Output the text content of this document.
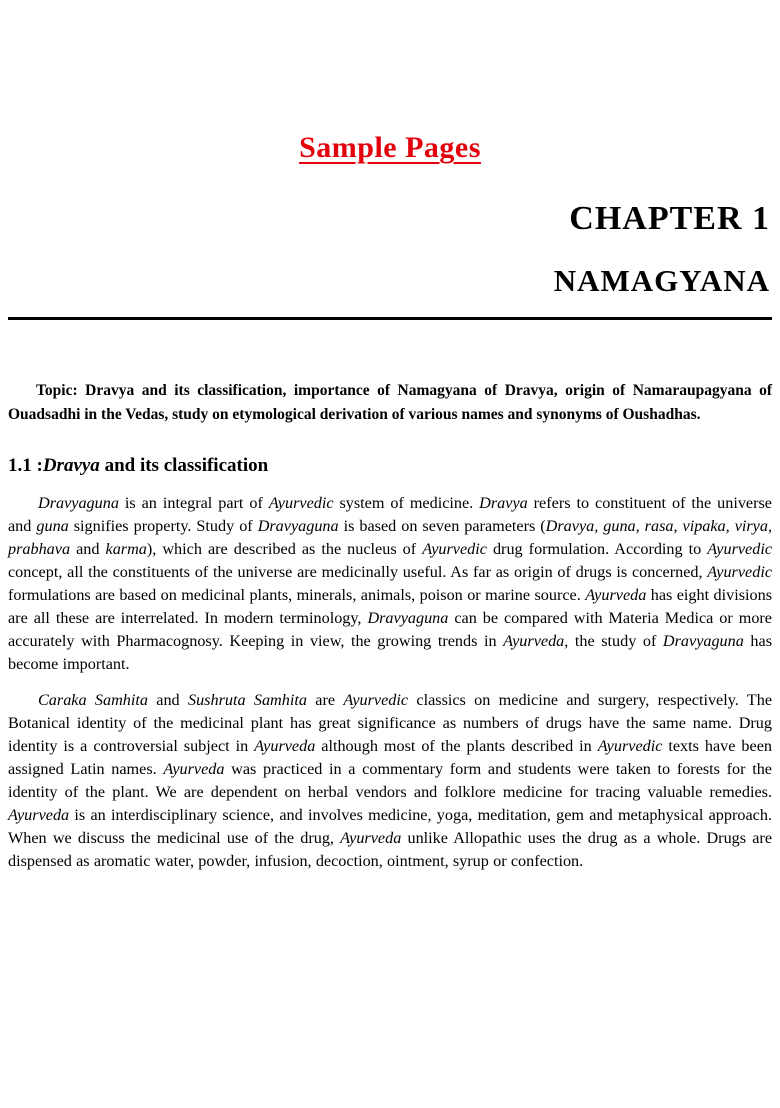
Sample Pages
CHAPTER 1
NAMAGYANA

Topic: Dravya and its classification, importance of Namagyana of Dravya, origin of Namaraupagyana of Ouadsadhi in the Vedas, study on etymological derivation of various names and synonyms of Oushadhas.

1.1 :Dravya and its classification

Dravyaguna is an integral part of Ayurvedic system of medicine. Dravya refers to constituent of the universe and guna signifies property. Study of Dravyaguna is based on seven parameters (Dravya, guna, rasa, vipaka, virya, prabhava and karma), which are described as the nucleus of Ayurvedic drug formulation. According to Ayurvedic concept, all the constituents of the universe are medicinally useful. As far as origin of drugs is concerned, Ayurvedic formulations are based on medicinal plants, minerals, animals, poison or marine source. Ayurveda has eight divisions are all these are interrelated. In modern terminology, Dravyaguna can be compared with Materia Medica or more accurately with Pharmacognosy. Keeping in view, the growing trends in Ayurveda, the study of Dravyaguna has become important.

Caraka Samhita and Sushruta Samhita are Ayurvedic classics on medicine and surgery, respectively. The Botanical identity of the medicinal plant has great significance as numbers of drugs have the same name. Drug identity is a controversial subject in Ayurveda although most of the plants described in Ayurvedic texts have been assigned Latin names. Ayurveda was practiced in a commentary form and students were taken to forests for the identity of the plant. We are dependent on herbal vendors and folklore medicine for tracing valuable remedies. Ayurveda is an interdisciplinary science, and involves medicine, yoga, meditation, gem and metaphysical approach. When we discuss the medicinal use of the drug, Ayurveda unlike Allopathic uses the drug as a whole. Drugs are dispensed as aromatic water, powder, infusion, decoction, ointment, syrup or confection.
